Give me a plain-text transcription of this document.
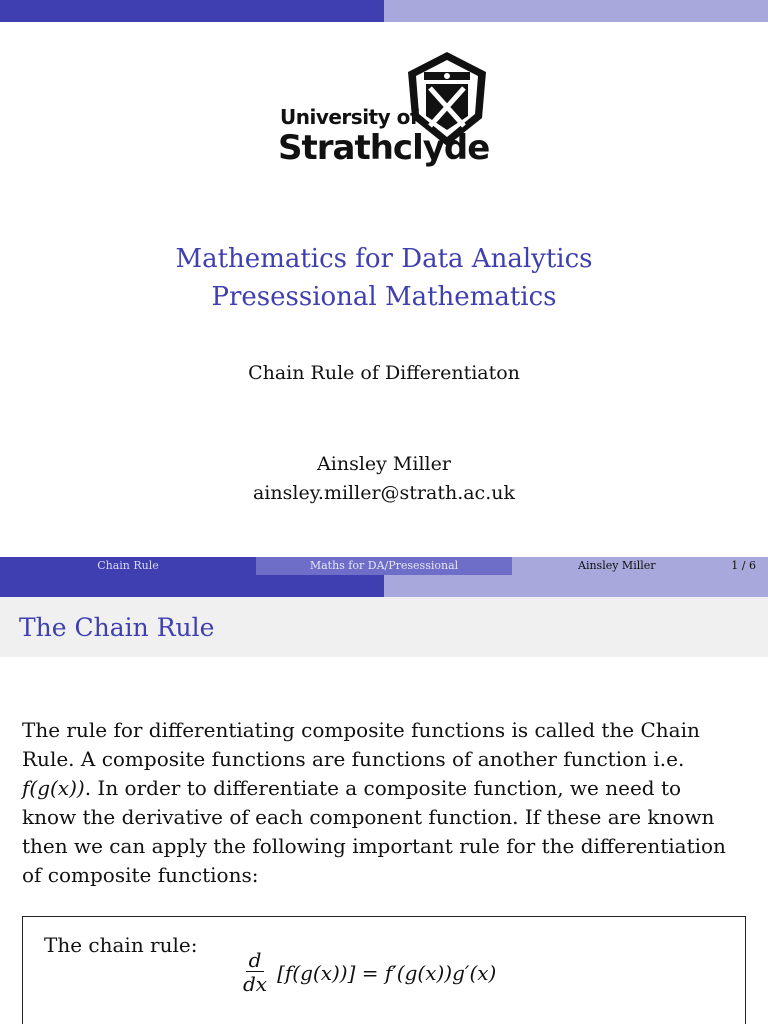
University of
Strathclyde
Mathematics for Data Analytics
Presessional Mathematics
Chain Rule of Differentiaton
Ainsley Miller
ainsley.miller@strath.ac.uk
Chain Rule	Maths for DA/Presessional	Ainsley Miller	1 / 6
The Chain Rule
The rule for differentiating composite functions is called the Chain
Rule. A composite functions are functions of another function i.e.
f(g(x)). In order to differentiate a composite function, we need to
know the derivative of each component function. If these are known
then we can apply the following important rule for the differentiation
of composite functions:
The chain rule:
$\frac{d}{dx} [f(g(x))] = f'(g(x))g'(x)$
